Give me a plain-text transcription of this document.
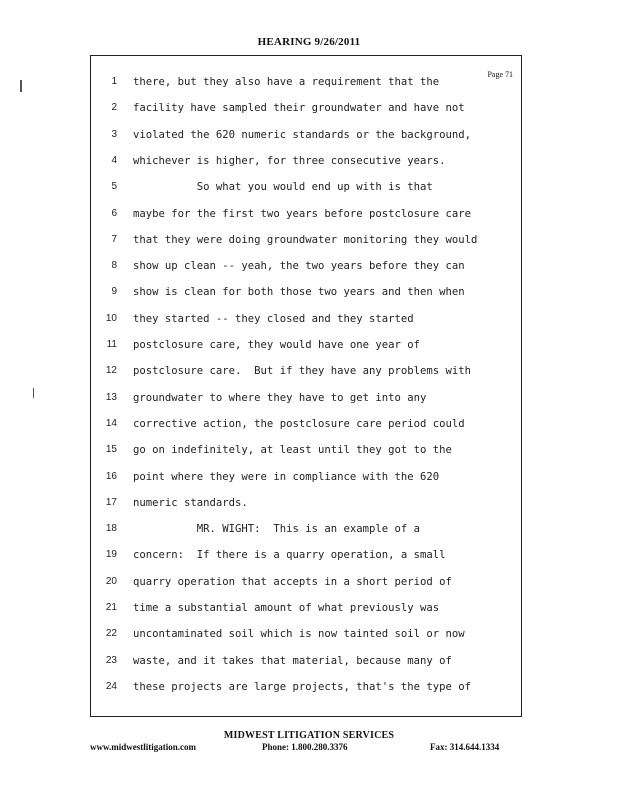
HEARING 9/26/2011
Page 71
1 there, but they also have a requirement that the
2 facility have sampled their groundwater and have not
3 violated the 620 numeric standards or the background,
4 whichever is higher, for three consecutive years.
5 So what you would end up with is that
6 maybe for the first two years before postclosure care
7 that they were doing groundwater monitoring they would
8 show up clean -- yeah, the two years before they can
9 show is clean for both those two years and then when
10 they started -- they closed and they started
11 postclosure care, they would have one year of
12 postclosure care.  But if they have any problems with
13 groundwater to where they have to get into any
14 corrective action, the postclosure care period could
15 go on indefinitely, at least until they got to the
16 point where they were in compliance with the 620
17 numeric standards.
18 MR. WIGHT:  This is an example of a
19 concern:  If there is a quarry operation, a small
20 quarry operation that accepts in a short period of
21 time a substantial amount of what previously was
22 uncontaminated soil which is now tainted soil or now
23 waste, and it takes that material, because many of
24 these projects are large projects, that's the type of
MIDWEST LITIGATION SERVICES
www.midwestlitigation.com	Phone: 1.800.280.3376	Fax: 314.644.1334
